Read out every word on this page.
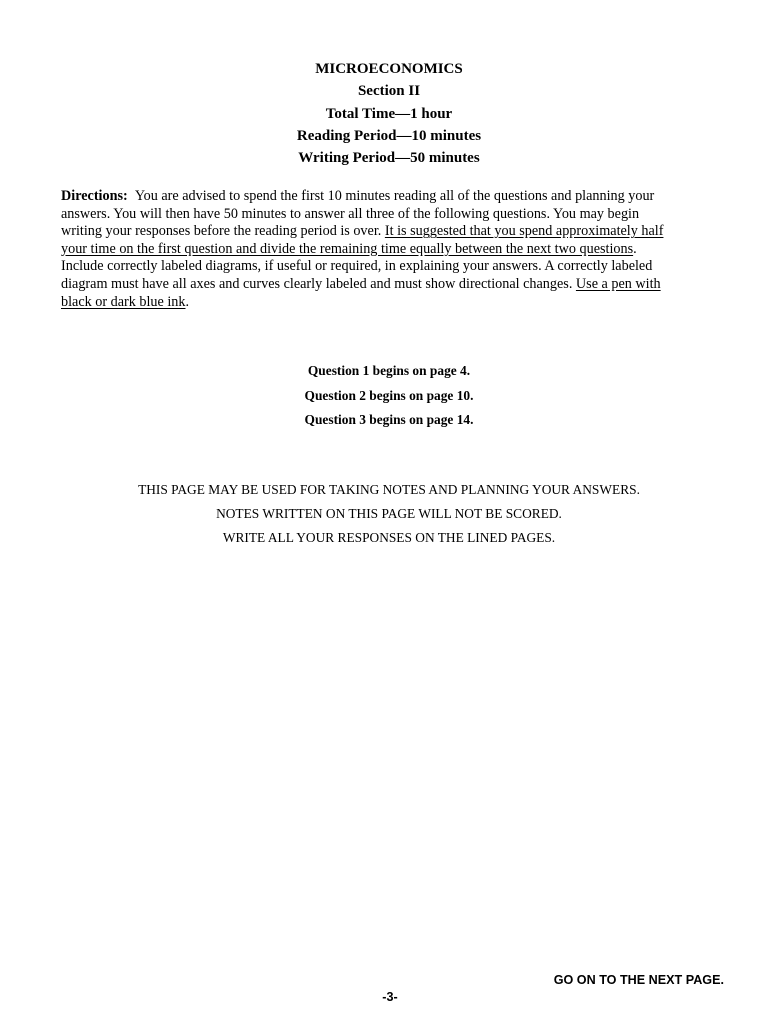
MICROECONOMICS
Section II
Total Time—1 hour
Reading Period—10 minutes
Writing Period—50 minutes
Directions: You are advised to spend the first 10 minutes reading all of the questions and planning your
answers. You will then have 50 minutes to answer all three of the following questions. You may begin
writing your responses before the reading period is over. It is suggested that you spend approximately half
your time on the first question and divide the remaining time equally between the next two questions.
Include correctly labeled diagrams, if useful or required, in explaining your answers. A correctly labeled
diagram must have all axes and curves clearly labeled and must show directional changes. Use a pen with
black or dark blue ink.
Question 1 begins on page 4.
Question 2 begins on page 10.
Question 3 begins on page 14.
THIS PAGE MAY BE USED FOR TAKING NOTES AND PLANNING YOUR ANSWERS.
NOTES WRITTEN ON THIS PAGE WILL NOT BE SCORED.
WRITE ALL YOUR RESPONSES ON THE LINED PAGES.
GO ON TO THE NEXT PAGE.
-3-
